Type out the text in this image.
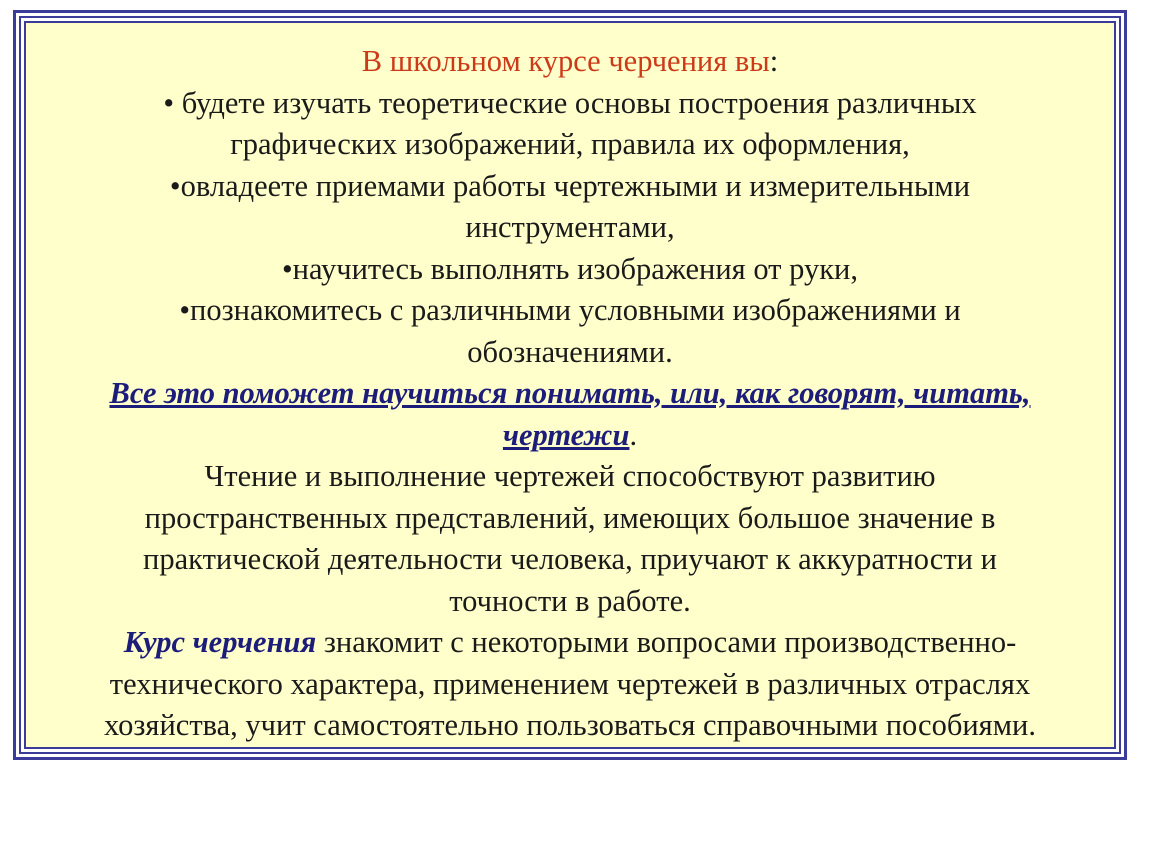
В школьном курсе черчения вы:
• будете изучать теоретические основы построения различных
графических изображений, правила их оформления,
•овладеете приемами работы чертежными и измерительными
инструментами,
•научитесь выполнять изображения от руки,
•познакомитесь с различными условными изображениями и
обозначениями.
Все это поможет научиться понимать, или, как говорят, читать,
чертежи.
Чтение и выполнение чертежей способствуют развитию
пространственных представлений, имеющих большое значение в
практической деятельности человека, приучают к аккуратности и
точности в работе.
Курс черчения знакомит с некоторыми вопросами производственно-
технического характера, применением чертежей в различных отраслях
хозяйства, учит самостоятельно пользоваться справочными пособиями.
